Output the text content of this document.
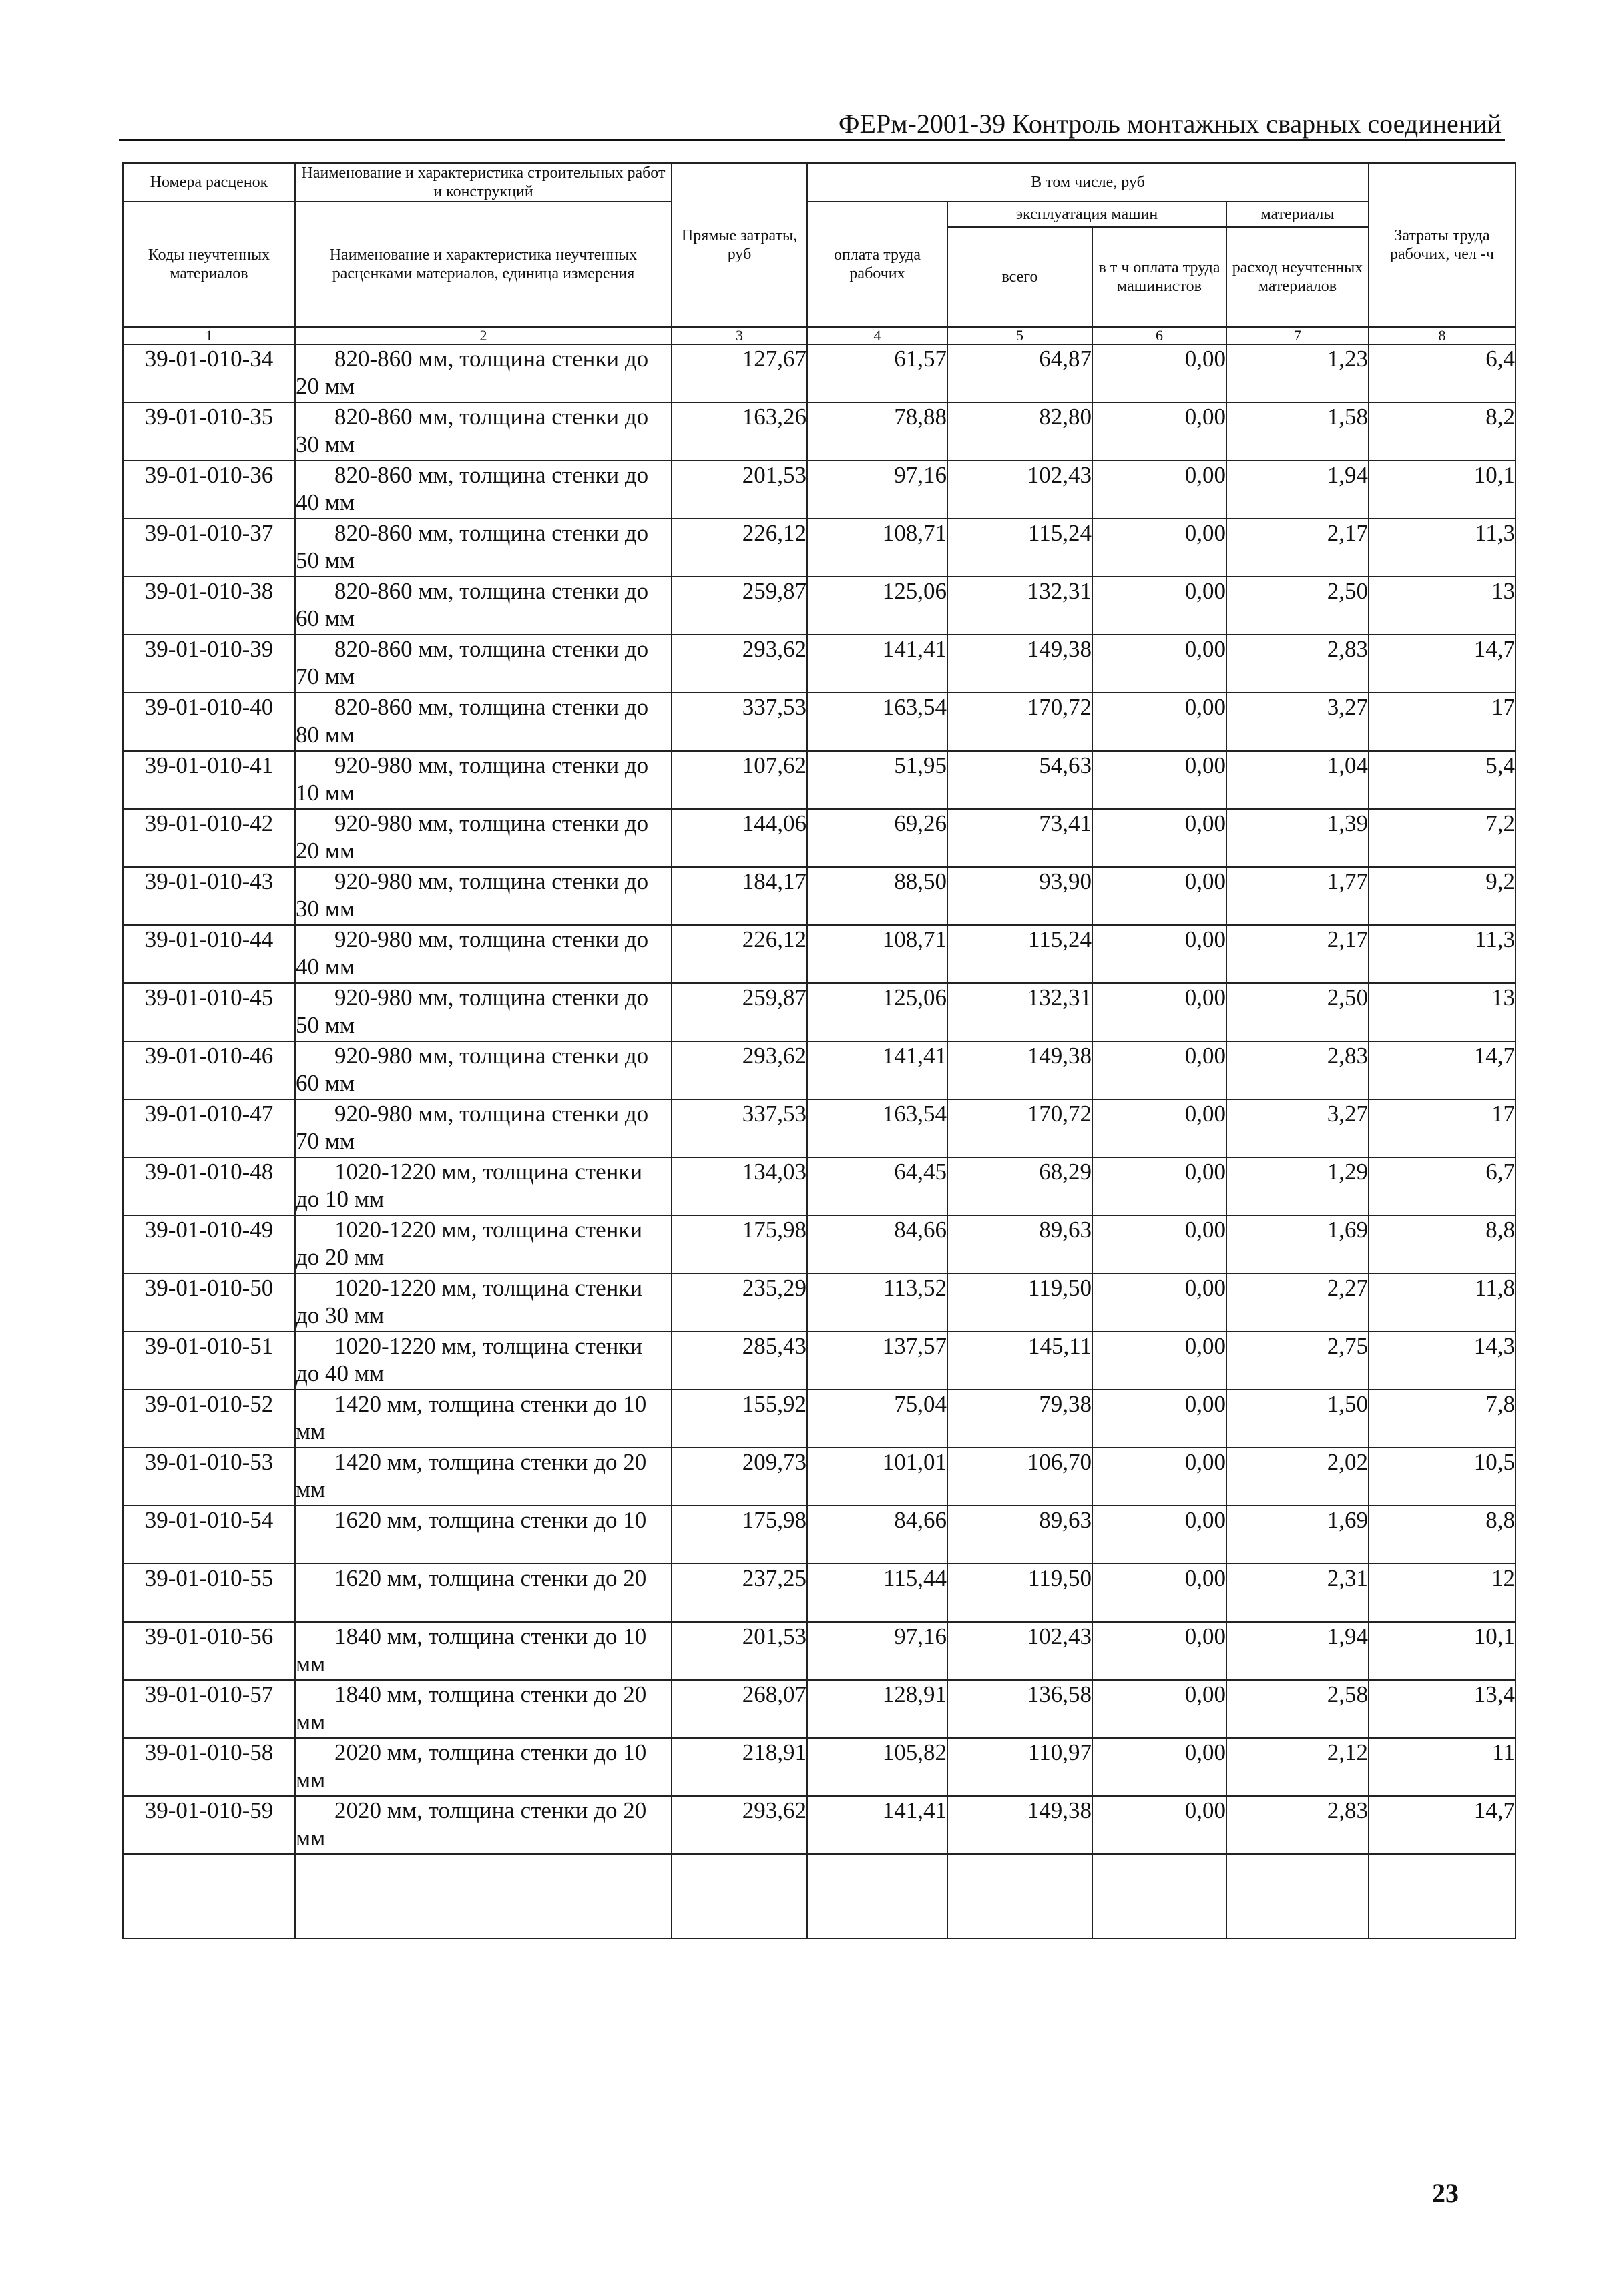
ФЕРм-2001-39 Контроль монтажных сварных соединений
Номера расценок	Наименование и характеристика строительных работ и конструкций	Прямые затраты, руб	В том числе, руб				Затраты труда рабочих, чел -ч
Коды неучтенных материалов	Наименование и характеристика неучтенных расценками материалов, единица измерения		оплата труда рабочих	эксплуатация машин		материалы	
				всего	в т ч оплата труда машинистов	расход неучтенных материалов	
1	2	3	4	5	6	7	8
39-01-010-34	820-860 мм, толщина стенки до 20 мм	127,67	61,57	64,87	0,00	1,23	6,4
39-01-010-35	820-860 мм, толщина стенки до 30 мм	163,26	78,88	82,80	0,00	1,58	8,2
39-01-010-36	820-860 мм, толщина стенки до 40 мм	201,53	97,16	102,43	0,00	1,94	10,1
39-01-010-37	820-860 мм, толщина стенки до 50 мм	226,12	108,71	115,24	0,00	2,17	11,3
39-01-010-38	820-860 мм, толщина стенки до 60 мм	259,87	125,06	132,31	0,00	2,50	13
39-01-010-39	820-860 мм, толщина стенки до 70 мм	293,62	141,41	149,38	0,00	2,83	14,7
39-01-010-40	820-860 мм, толщина стенки до 80 мм	337,53	163,54	170,72	0,00	3,27	17
39-01-010-41	920-980 мм, толщина стенки до 10 мм	107,62	51,95	54,63	0,00	1,04	5,4
39-01-010-42	920-980 мм, толщина стенки до 20 мм	144,06	69,26	73,41	0,00	1,39	7,2
39-01-010-43	920-980 мм, толщина стенки до 30 мм	184,17	88,50	93,90	0,00	1,77	9,2
39-01-010-44	920-980 мм, толщина стенки до 40 мм	226,12	108,71	115,24	0,00	2,17	11,3
39-01-010-45	920-980 мм, толщина стенки до 50 мм	259,87	125,06	132,31	0,00	2,50	13
39-01-010-46	920-980 мм, толщина стенки до 60 мм	293,62	141,41	149,38	0,00	2,83	14,7
39-01-010-47	920-980 мм, толщина стенки до 70 мм	337,53	163,54	170,72	0,00	3,27	17
39-01-010-48	1020-1220 мм, толщина стенки до 10 мм	134,03	64,45	68,29	0,00	1,29	6,7
39-01-010-49	1020-1220 мм, толщина стенки до 20 мм	175,98	84,66	89,63	0,00	1,69	8,8
39-01-010-50	1020-1220 мм, толщина стенки до 30 мм	235,29	113,52	119,50	0,00	2,27	11,8
39-01-010-51	1020-1220 мм, толщина стенки до 40 мм	285,43	137,57	145,11	0,00	2,75	14,3
39-01-010-52	1420 мм, толщина стенки до 10 мм	155,92	75,04	79,38	0,00	1,50	7,8
39-01-010-53	1420 мм, толщина стенки до 20 мм	209,73	101,01	106,70	0,00	2,02	10,5
39-01-010-54	1620 мм, толщина стенки до 10	175,98	84,66	89,63	0,00	1,69	8,8
39-01-010-55	1620 мм, толщина стенки до 20	237,25	115,44	119,50	0,00	2,31	12
39-01-010-56	1840 мм, толщина стенки до 10 мм	201,53	97,16	102,43	0,00	1,94	10,1
39-01-010-57	1840 мм, толщина стенки до 20 мм	268,07	128,91	136,58	0,00	2,58	13,4
39-01-010-58	2020 мм, толщина стенки до 10 мм	218,91	105,82	110,97	0,00	2,12	11
39-01-010-59	2020 мм, толщина стенки до 20 мм	293,62	141,41	149,38	0,00	2,83	14,7

23
